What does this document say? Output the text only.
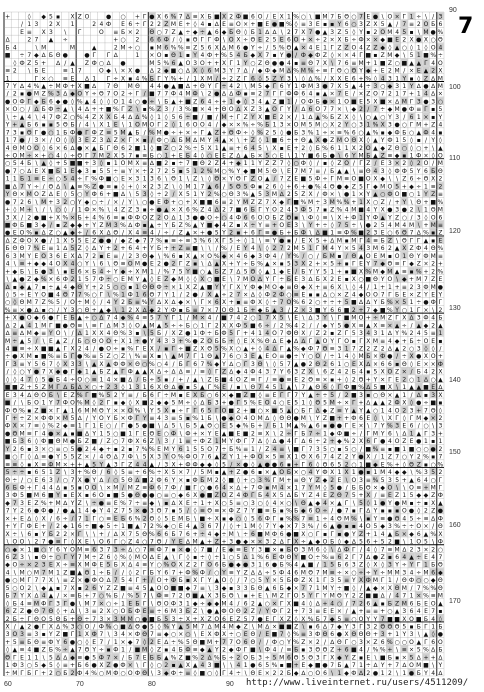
+	◊ ◆ 5 ▪ X Z О	● ○ + Г ● X 6 % 7 ∆ ≡ X Б ■ X 2 Ф ■ 6 О / Е X 1 % ○ \ ■ M 7 Б Θ ○ 7 Е ● \ О × Г 1 ÷ \ / 3
/ 1 3 2 X 1	2 4 Ф Е 6 ÷ Г 2 2 Z M Е + ◊ 4 ▪ ∆ Е ≡ О × + ■ Е ● ■ % ◊ ≡ 3 Е ▪ ▪ Y 6 ○ 3 Z X 5 ▲ / 7 ≡ 2 О Б 6
Е ≡ X 3 \ Г	О ≡ Б × 2 Θ ○ 7 Z ▲ ÷ ◆ ÷ ▲ 6 ◆ Б Θ ◊ Б 1 ∆ ∆ \ 2 7 X 7 ● ▲ 3 Z 5 ◊ Y ▪ 2 О M 4 5 ▪ \ M ● %
∆	2 7 ▲ ÷	+ ○ 2 6 6 Ф / ◊ ▪ Θ Г Г Ф \ О X ÷ Θ Е 2 5 Е 6 О + × ÷ 2 × X Б ÷ Ф × × ◆ ■ Е 2 X ● X ○ Θ
Б 4	\ M	M	▲	2 M ÷ ○ ▪ M 6 % % ≡ Z 5 6 X ∆ M 6 ● Y ÷ / 5 % Θ ▲ × 4 Е 1 Г Z Z О 4 Z Z ◆ ◊ ▲ ○ ◊ 1 ◊ О 4
■ ÷ 7 ◆ ∆ Б Θ ●	● Г Г ∆	1 × О ▪ Θ 1 ▪ Y 4 Ф + % 5 4 Б ◆ X 7 ▪ Y ● / Ф ◆ Ф Z ◊ × × 4 Г ■ ▪ Z M ◆ \ 5 1 ■ % ÷
◊ Ф Z 5 + ∆ / ▲ Z Ф ○ ∆ ●	M 5 % 6 ▲ О 3 О + + X Г 1 Y ○ Z Θ ● ● 4 ▪ ≡ Θ 7 X \ 7 6 ≡ M + 1 ■ Z ○ ■ ▲ ▲ Г 4 О
≡ 2 \ Б Е	≡ 1 7	О ◆ \ × X ● ∆ 2 ◆ ■ ○ ∆ X ◊ 6 M 3 Y 7 ∆ / ◆ Ф ◆ M ∆ % M % ÷ ≡ Г Θ ○ Θ Y ◆ + Е 2 M / × Е ▲ 2 X
1	Г × ○ ≡ Е ∆ 1 Г ÷ X ▪ 4 % Б Г Y % + / 1 X M / ÷ 2 Z Г 6 ◊ 5 Z Y 3 \ ◊ ∆ % / X X Е 6 + % ◊ 4 3 1 Y ▪ ◊ Z ∆ M
7 Y ∆ 4 % ▲ ÷ M Ф + X ■ ∆ 7 Θ M Θ 4 4 ● ▲ ■ ∆ + Θ Y Г ÷ 4 2 \ M 5 ◆ Г 6 Y 1 Ф M 3 ● 7 X 5 ▲ 4 ÷ 3 ○ ◆ 3 1 Y ∆ ● ∆ M
/ 2 ▪ ● M Z % 3 ∆ ◆ О Y ÷ Θ 7 О 2 ÷ Г / ■ 7 7 Ф 4 M Ф \ 2 ● ∆ ∆ Ф ▪ ≡ 2 7 Г Г Ф Ф 6 4 ▪ ▲ × 7 Е / × Z О 7 2 1 7 + 1 4 ∆ ×
● О Ф Г ◆ Б 6 ◆ ● ◊ % ▲ 4 ◊ ◊ О 1 4 ○ ● ÷ \ Б ▲ + ■ Z 6 4 ÷ + 1 ◆ ◊ 3 4 ▲ Z ■ 1 / О Ф Б ● × 1 О ■ Е 5 X ■ × ∆ M Г 3 ● 3 ○
× О ○ / ∆ Б Ф ÷ ▲ \ 4 ∆ + + ■ % Г Z \ ▪ % Z 3 / 3 % ■ × 4 + Θ О ∆ X Z 3 ▲ О Г Y / ∆ 6 О 7 7 × \ ◆ 2 / 7 ÷ ◆ M ● Ф ≡ Г ▪ 5
\ ÷ ▲ 4 \ 4 7 Ф Z ○ % 4 Z X X Б 4 ∆ ∆ % ◊ 1 ◊ 5 6 ÷ ■ / ■ / M ÷ Г Z Y X ■ Е 2 × / 1 ∆ ▲ % Б Z X ◊ \ ○ ▲ ○ Y 3 / 6 1 × ▪ Y
Y + ▲ Б 6 ▪ ▪ 5 Θ Б / 4 \ X 1 Е \ 1 О M О Г 2 ◊ 1 6 О О 4 / ◆ × × % ÷ % Б 1 3 × О M 5 M ○ X 2 Y ○ 3 1 % X 3 ● ○ Г M + Z 4
7 3 ▪ Θ Г ● ○ 1 Б Ф ● Г Ф Z ≡ 5 M ▲ Б / % M ● ÷ + × ÷ Г ▲ Z + Θ Ф ÷ ◊ % 2 5 ◊ ● Б 3 % 1 ÷ × ≡ % 6 ○ ▲ % ▪ ◆ Ф Б ○ ▲ Ф 4 ▪
1 7 ● / 3 × / О ◊ ◊ 3 Е Z 3 ∆ Z × Г × ▪ / Ф ○ ∆ Б M ∆ M Y 4 ▲ × \ + Z ◊ 1 ■ 6 ÷ + Θ ▲ X ● Z M О Θ X ◊ ▲ Y Ф 1 5 ◊ ▪ / Y ◊
4 Θ M О О ◊ 6 × 6 ∆ ● × ▲ Б Г Θ 6 2 ■ 1 ◊ ■ Z ○ 2 % ÷ 5 X 1 ▲ ≡ + 6 4 5 \ X ▪ Е + 2 ◊ Б % 6 1 1 X 2 О ▲ ◆ Z Θ ○ ◊ ○ + \ ▲
÷ О M ÷ × + ○ 4 ◊ ÷ Θ Г 7 M 2 X 5 7 ▪ ≡ Б ○ 1 + Е Б 4 ◊ ○ Е Е Z ∆ ▲ Б × 5 ○ Е \ 1 Y ■ 6 Б ● \ 6 Y M Б ▲ Z ≡ ◆ ▪ 1 Ф × ◊ О
○ 5 4 Б \ ▲ ◊ + 5 ■ ■ + 3 ◊ ▪ 1 О M X ≡ ∆ ■ 2 ▪ ÷ 7 ■ Θ 2 Z 4 + ◆ 1 1 Y Z Z 7 ◊ ○ Ф ◊ / ▪ ◊ Z О / Г Z / Е 3 × 2 ◊ 2 О / M
● 7 ○ ∆ Е X ■ Б 1 Е ◆ 3 ▪ 5 5 ÷ ≡ Y × ÷ 2 7 2 5 ▪ 5 1 2 % M ○ % Y ◆ ■ M 5 Θ \ Е 7 M 7 ≡ / Б ▲ ▲ \ ≡ Θ 4 3 ◊ Ф Ф 5 Y 6 Б Θ
1 1 Б 1 ≡ Е ÷ ○ 5 4 ÷ Г % Ф ■ ○ Е × 3 1 3 6 \ Θ 1 \ Z \ ◊ Θ × Y Θ Г Z О ▲ / 7 Z Е ■ 5 Ф ÷ Г M ≡ О ■ О X ◆ \ \ Z 6 ÷ Θ X 2
■ ∆ 7 Y ÷ / Θ ∆ \ ▲ ≡ % Z ● ≡ ▪ ◊ + ◊ × 2 3 Z \ ◊ M 1 7 ▲ 6 / 5 Θ 5 Ф ▪ 2 6 ◊ + 6 + ● % 4 Θ ● ◆ Z 5 Г ◆ M О 5 + ◆ ÷ 1 ≡ 2
Y Θ × M О Z ∆ Е ◊ 5 ○ Y Ф 6 + ■ ∆ \ 5 3 ◊ ÷ 2 / X 5 1 Y 2 % ○ Θ 3 % ▲ 5 3 M ∆ 2 5 Z X / Ф × \ ● 1 × Y ▲ ○ Ф О ■ ○ 1 Y Z ≡
● 7 2 6 \ M + 3 2 ○ Y ◆ ○ ÷ / × / Y \ ○ ● Е Ф + ○ + X ■ ■ 6 ≡ 2 Y M Z Z 7 X ◆ Г ■ % M ÷ 3 M % % + 1 X ○ Z / + Y \ Θ + ■ %
+ ◊ M + \ / \ ○ ◊ / 1 Ф × % \ 4 Z Z 3 ▪ ÷ ● ▲ × X 6 % Z 4 ∆ 2 7 ■ 6 Б Г Y О 2 4 3 Ф 5 7 ▪ Z % 4 M ■ 4 Y X ● 3 ● 2 \ 1 Θ M
3 X / 2 ● ■ + X % × Б + 4 % 6 ≡ ▪ Ф Ф О Z 2 О ∆ 1 3 ● ● О ÷ ○ 4 Ф 6 6 О О Б Z Θ ▪ \ Ф ◊ ≡ \ X + Ф 1 Y Ф ▲ Y Z ○ / 3 ◊ О 6
■ Ф Б ■ 3 ◆ / ▪ Z ◆ ◆ + Y Z M 3 % ∆ Ф ▪ ▲ ÷ Y Б Z % ▲ Y ■ ◆ 4 Z ▪ X ÷ Y ≡ + О Е 3 \ Y + ÷ ◊ 7 5 ÷ \ ● 2 5 4 M 4 M \ + M ≡
● Е О % ▪ ∆ Z ○ ▲ ◆ ÷ / 6 X ∆ Θ / X 4 ≡ 4 / ÷ / Z ▲ × + ● 5 Y 2 ▪ + 6 Г ≡ ● Б + Б Ф \ ∆ ■ 1 ≡ Ф % ■ 2 3 Е ○ 6 Θ 7 ∆ % ▪ Z
∆ Z Ф О X ● / 1 X 5 5 Е Z ● ● / ◆ Z ◆ 7 7 % ▪ ≡ ÷ ≡ 3 % 6 X Г 5 ÷ ◊ 1 \ ≡ Y ● ▪ / Е X 5 + ∆ M ▪ M Г 4 ≡ Б Z \ Θ Г Г ▲ ▪ Е
Б Θ Θ 7 % Е ≡ 1 ∆ 5 Z ◊ ∆ Y + 2 + 6 4 + Y Б + + Z ≡ ■ \ \ / % / Е Y 4 \ ◊ 2 7 2 M 5 1 Г M 4 Y × 5 4 3 M 6 2 ▲ X Z Ф 4 Θ %
6 3 M Y Е О 3 6 Е X ∆ 7 2 ▪ Е ≡ / 2 3 Θ ◆ \ % 6 ▪ X ▲ × О % ◆ × 4 6 ◆ 3 Ф 4 / Y % / ○ / Б M ▪ / Θ ▲ О Е M ▪ О 1 Θ Y Ф M ≡
4 \ ≡ + ◆ ◆ 4 О X 4 ○ Y \ 6 \ Θ ≡ О M ● Е 2 ● 2 Г Z ▪ \ ∆ ▲ X + Y ÷ Б % ▲ × ▪ 5 3 X 2 + × 5 + ▪ Г Е Y 7 ◆ Θ ≡ Г ◆ Z × 2 +
+ ◆ Б \ Б ● 3 \ ▪ Е 6 × Б 4 ÷ Y ◆ ÷ X M 1 / % 7 5 Y ■ ○ ▲ Б Z 7 ∆ 5 Θ ◊ ▲ 1 ◆ Е / Б Y Y 5 1 + ▪ ■ X % M ◆ M ▲ ≡ ▪ % + 2 %
\ ▲ ● Z ◆ % × 6 Ф 2 1 5 7 Ф ÷ ○ Е M Y ▲ ◊ Е Z ◆ M ◊ ◊ X ○ ■ Е \ 7 M О ∆ Y Г ÷ Б Е 3 ∆ Б X 2 Е ▪ X ○ ■ Θ Y О \ ◆ + M 7 Z Е
∆ ▪ ◆ ▲ 7 ▪ ÷ ▲ 4 ◆ Θ Y + 2 5 ○ ○ ▪ 1 Θ Θ Ф ÷ × 1 X Z ▲ ■ Y Y Г X Y Ф ◆ M О ◆ ≡ Θ ◆ X + ≡ 6 X \ ◊ 4 / 1 + 1 + ≡ 2 3 Ф M ●
◊ 5 ÷ Е Y О ■ 4 Θ 7 7 % ○ Г \ % 1 Ф 1 6 Θ 7 Y 1 / 2 ● / X ▲ ÷ 2 7 × ∆ ◊ Ф 2 Ф ○ ≡ Е ▪ ▪ ∆ ○ × Z 4 ◆ О О 7 Г Б Е × Z Y Е Y
○ ◊ Θ M 7 Z % 5 / О ÷ M ◊ / 4 Y 2 Б ≡ % Y ∆ X ∆ ◆ × \ Г × 6 X + ▪ ≡ Ф X ◊ ÷ 7 О % 6 2 ○ + ÷ + 5 ■ ∆ ∆ Y Б % × 5 1 ÷ ● Ф Г
% ≡ × ● ∆ ▪ ○ / Y 3 ○ Θ + ▲ ◆ \ 1 2 X ∆ ◆ 2 Y Ф ▪ Б ≡ 7 × 7 О Θ 1 Б + ◆ Б ▲ 3 / Z × 3 ■ Y 6 6 ■ 2 + 7 ◆ ■ % Y ○ 1 Г × \ 2
+ X ● О ◆ 6 ● Г Е Б ▲ ÷ ○ ∆ 7 4 ◆ % 4 ≡ 5 7 Y Г 1 / M × 4 / ■ 7 4 2 ○ 1 7 X 5 \ Е \ ∆ 3 Y \ Г ■ M О + ÷ M Z Г X ∆ 3 Ф 4 Б
∆ 2 ▲ 4 1 M Г ■ ● Θ ≡ \ ≡ Г ∆ M 3 ◊ О ▲ M ▲ 5 ÷ ÷ Б ○ 1 Г 2 X X Ф 5 ■ 6 ÷ / 2 % 4 2 / / ◆ Y 5 ● X ≡ ▲ X ≡ × ▲ ÷ / ▲ ◆ 2 ▲
∆ ≡ ∆ M ◆ ≡ Y О \ / ∆ 1 X X 4 Θ % 3 ▪ \ 5 Б / X Z ● 1 Ф ÷ Б Ф 5 Г + 4 1 4 О 7 Ф Θ X / Z 2 ▪ Z Г 5 3 4 3 1 ∆ Y % 2 4 5 ≡ 1
M ÷ ▲ 5 / \ Е ▲ Z / Б ○ Θ О О + X 1 + ● Y 4 3 3 + % ● Z О Б Б + ◊ Е X % Θ ∆ Е ◆ ∆ ∆ Г ▲ О Y Г О ▪ Г X M ≡ 4 ◆ + Б ÷ О Е ▪
4 ■ ≡ ÷ X ■ ■ ▲ Г X 2 4 / ● О ÷ ▪ % Г Е X / ▪ Г ÷ ■ Z X Θ 5 % X ○ ▲ + ◊ 4 ∆ Г ▲ % ◆ Ф 7 Θ ≡ 3 1 7 Z 2 Z 2 ∆ ▲ 2 ○ 3 ◊ ◊ /
÷ ● X M ▪ ■ % ≡ Б Г ● % ≡ 5 Z ○ Z \ % ≡ X ▪ \ ▲ M 7 Г 1 Θ ▲ 7 6 ○ 3 Е ▲ Е О ≡ ● ÷ Y ○ О / ÷ 1 4 ◊ M Б × Ф ● / ÷ X ● X О +
Г 3 ≡ Y 5 6 7 ◊ X 3 3 \ ▲ X ▲ Ф Ф × Θ ○ % ○ 4 / Б Г 6 7 % ◆ Y ∆ ○ Г 3 Θ \ ◊ 5 7 ▲ ● 2 Θ 2 6 1 ○ Е X ∆ × 6 6 ▪ Θ ◊ Е × × Ф
/ ◊ ○ Y ● 7 X ◆ ● Г ◆ 1 ▲ Б Z ▲ Г Ф ▲ ▲ X ∆ ÷ ∆ ∆ ≡ / ≡ ◊ Г Z ∆ ◆ 4 Ф 4 3 7 Y 6 3 Z X \ 6 Z 4 2 Б 4 ▪ 5 X О Z × / Б 4 2 X
◊ ◊ 4 7 ◊ 5 ● Б 4 ÷ О ○ ≡ 1 4 × ■ ∆ / Б ÷ 5 ▪ / + / ▲ \ Z Б ■ 4 О Z ≡ Г / ≡ ● ≡ Е 2 Θ ≡ × ▪ + ◊ 2 Θ + Y × Г Е 2 ○ 1 ∆ ○ ▲
■ ■ Z + 5 Z M Г ∆ Б ∆ × ○ + 2 3 ◊ 1 3 1 6 X Θ ∆ ● ▪ 5 ▲ Г % Е / ▪ \ Θ 7 4 5 1 ▲ \ 7 ▲ Θ 6 ◊ Г Ф ■ % ∆ 5 ■ X \ 1 ▲ ▲ ■ Е ∆
Е 3 4 ∆ Θ О Б \ Е Z % Г ■ % 5 2 Y ≡ / Б 6 Г ÷ M ▪ Е X Б ○ 6 × ◆ ■ Z ■ ◊ ≡ Е Г Г 7 Y ▲ ÷ ÷ 5 / 2 ■ 3 ▪ ○ Θ × ▲ 1 / ∆ ▪ 3 X
■ / \ Б О 1 Y 7 Ф О % M ◊ 2 Г ▪ ◆ ◊ X ■ 2 ◆ ◆ 5 M ÷ ◊ ∆ Б 3 + ● Г 5 % Е О 4 ○ Е 5 1 ◊ Θ 5 M ÷ × Г + ∆ ▲ ▲ 2 Ф X ◊ ● ÷ ■ ▪
Ф Θ % ▪ Z ■ × Г ▲ 1 6 M M Θ Y × × О % \ Y 5 X ▪ ÷ Г Г 6 5 Г О ■ 2 + ■ ○ × ■ 5 ▲ ○ Б Г ∆ ◆ Z ≡ Y ▲ Y ▲ ○ 1 4 О 2 3 + 7 Θ ◊
Г + ÷ Z × Ф Ф × M 5 ∆ / Y О Y Б × Ф Г Y ≡ 4 3 ≡ 5 ▪ % 1 Б \ ● ◆ О 4 О M ∆ ◊ Θ Θ ● M \ Y Z ■ + + Ф 6 Е ◊ \ X Г ◊ Г M ◆ × 2
Ф X × 7 ≡ ◊ % 2 ◆ ≡ 1 Г 1 Е ○ / Г ● 5 ● ■ \ ∆ 5 \ Б 5 ▲ Θ ○ Е 5 ◆ % Б + / Б 1 M ▲ % ▲ 6 ▪ ● ● Г Е × \ 7 Y % 3 Е 6 / ○ \ 3
● Θ M ≡ Г 4 ● × ▲ ▪ ■ ∆ Y 1 5 ○ ■ 1 Г Е Θ Е ○ Ф \ Ф + × Y Е ▲ ■ Е ■ 2 ≡ X \ 2 ÷ Г Б 7 ÷ 1 ◆ Ф ■ ÷ / Г M Y 6 \ ∆ 1 ▲ Г 3 +
■ Б 3 6 ◊ Ф ■ Θ M ● Б Z ■ / Z ○ 7 Ф X 6 Z \ 3 / 1 ≡ ÷ Ф Z 1 M Y Ф Г 7 ∆ ◊ ∆ ● 4 Г ∆ 6 ÷ 2 + ◆ % 2 X 6 Г ● 4 О Z Е ● 1 ▪ 1
Y 2 6 ▪ 3 × ○ ≡ ○ 5 ● 2 4 ◆ + ▪ 2 ▪ 7 % % Е M Y 6 1 5 5 О 7 ÷ Б % ≡ 1 / Z 4 ≡ \ ■ Г 7 3 5 ○ ▪ 5 ○ / ■ % ≡ ▪ ■ 1 ■ ○ ○ ● 2
■ ○ Г ◊ ∆ ≡ ● Y 5 5 Z × / 4 Θ ∆ 7 Ф \ 5 X 3 Y О % Ф О 7 6 ▲ Z Y 1 + Ф О × 5 ≡ X 1 Θ X 6 7 4 Z 2 Y ● X / 1 Z 7 ○ Y 2 % ▪ 7
≡ ≡ ◊ ▪ X ≡ Ф M × + + ▲ 5 Y ▲ 3 Г Z 4 4 ▲ / 3 X + Ф Ф ◆ ◆ ◊ 5 / × ● ◊ ▲ ● ● 6 ▪ + Г 6 ◊ Θ 6 5 2 ○ 1 ■ ◆ Е % + ◊ Θ Z ▪ ○ %
5 ÷ ÷ ▪ 6 5 1 Z \ 3 + % Θ / 6 ◊ 5 ≡ ÷ 6 % ÷ X 5 × 7 / 5 M ▪ ▲ + Z ● 6 ▪ × ▲ О Б × ○ 4 Y Ф X 1 X 1 ● ▪ 1 M 4 ◆ ◆ \ % 3 5 2
Θ ÷ / ○ Е 6 3 / ○ 7 X ● Y ∆ / ○ 5 Θ ∆ ■ 2 Ф 6 Y × ▪ Ф Б M 2 ◊ ■ ◊ + ○ 3 % Г M + ≡ Θ Y Z ◆ 2 Е \ О 3 ≡ % 5 3 5 + ▲ 6 4 ○ Г
6 Б Ф + Г 4 4 ∆ ▪ 5 ▪ О О \ × M / M Z ≡ Ф 6 7 Ф / ■ Г ○ ● 6 4 × ∆ + 7 Ф ▪ M 4 × 1 7 Y M ◊ 5 ● / Б Б Θ × ◆ О \ \ О ≡ + M Г
3 Ф 5 ■ M 6 ■ Y ▪ Е X ▪ 6 О ▪ ■ 5 ● Θ ● ● ○ ≡ ○ ◆ 6 X ● ■ Z О Z 4 Ф Г Б 4 X 5 ∆ Б Y Z 4 Е Z Θ 7 5 + X / ≡ Е Z 1 5 ◆ ◆ Z Ф
◆ 7 3 Е Z % + M ∆ Y Z \ ÷ ● ≡ Е % 7 ÷ ≡ ◆ \ ▪ ∆ X Е ÷ 1 + X ○ 5 ≡ ○ 3 ○ ◊ 4 × ○ \ Θ ▲ ◆ 4 × ▲ Г \ 5 ◊ 1 ● Y ● M ▪ ÷ ▪ X ▲
7 Y 2 6 ● Ф ● / ● ▲ 1 4 ◆ Y 4 Z 7 5 × ● 3 Θ 7 ▪ 5 / ◊ ≡ Θ ≡ × Ф Z 7 Y ■ ≡ Б ▪ % Б ◆ 6 О ÷ / ● 7 ▪ Г ∆ Y ▪ ▪ ▪ О ● ◊ 2 Z ●
× + Е ∆ ◊ X / 6 ÷ / 7 1 Г ○ ≡ Е Б 6 % 2 Θ ◊ 5 Е M Б \ ■ ÷ X ▪ ◆ ○ ◊ 5 6 Ф Г ▪ % % 7 ≡ 1 ÷ 4 Θ M % \ ▪ Y ≡ ● Θ 4 5 ÷ ≡ ∆ Ф
+ Y Г Ф Е + / 2 ◆ 1 6 ÷ ■ ◆ 5 ÷ 1 ■ ▲ 7 2 % ◆ ○ Е 4 ▲ 3 6 7 / ◊ + 1 M ◊ 7 Y ◆ × 7 3 % / 6 ▲ ● ▪ ▪ 4 О 5 ◆ 3 % ÷ ÷ О × / Θ
X ÷ \ 6 ▪ Y Б 2 2 × Г \ \ + / ∆ X 7 5 Θ % 6 6 Б 7 6 + ÷ 4 ◆ ÷ M \ ÷ 6 ■ M Ф 6 ● ■ X ○ Г ▪ Г ▪ ● Y Z + 1 4 ▲ Б × ◆ 6 ▲ % X
\ О О \ 2 7 ● ≡ Г ◊ X Е \ О 6 Г ○ Z 4 ○ 7 Θ / Y Е ∆ M ▲ + Z + 3 ● ◆ × × 3 2 ∆ Г X ÷ ▲ ◆ О Б ◊ ◆ ∆ 5 6 + 5 2 ■ \ 1 О 5 \ Ф
○ ◆ × 1 ■ ○ Y 6 Y О M ≡ 6 3 7 3 ÷ ∆ ○ 7 ≡ Ф 7 ▪ × ● ◊ 7 ■ / Е ◆ ≡ Е Y 3 ■ × ▪ Б Θ 3 M 6 ◊ \ ∆ Ф Г / 4 ◊ 7 ≡ M ∆ 2 3 × 2 ○
6 Z 3 \ ▪ Θ ÷ ○ Г Y 7 M ÷ Z 6 ◊ % ◊ M О ∆ Е ▲ \ Г ◊ ▪ ÷ ◊ ÷ 1 ○ 5 ∆ 1 % 6 Е Ф Θ Y ■ О ÷ % ≡ 6 2 Г 7 ∆ ● Z ▪ 6 4 ▲ ÷ Е 4 7
◆ О ÷ × 2 3 Е X ÷ ≡ X M Ф Е 5 Б X ∆ 4 ≡ Y ○ % О X Z 2 Г О 6 Б ● ◆ ● 3 1 6 ● Б % 4 ▲ ■ / 1 5 Б 6 3 Z ◊ X ◊ 3 Y ÷ Y Г 1 Б Θ
4 \ M ○ M 7 M 1 Z ■ ▲ Θ 1 ÷ Б / / ◊ 2 Г Б Y 6 7 + Ф % Ф / ○ Y ≡ Y Z ∆ ∆ ÷ 5 Ф 4 6 M Θ 7 M ≡ ÷ × ○ ÷ ÷ Y ÷ M M 3 4 ÷ M 6 ◆
● ○ M Г 7 7 X \ ≡ Z × ● Ф О ∆ 7 5 4 Г + / О + Ф Б ▪ X Г Y ▲ О ◊ / 7 ○ 5 Y × 5 Б Ф Z X 1 Г 3 5 ≡ Y X Ф M Г 1 / Θ Ф ○ ○ ◆ Θ
5 ○ О 2 \ ◆ ▲ ▪ 7 X ▪ 2 6 Y Z Z ■ ≡ 4 5 ▲ О О ■ ■ ◆ 7 ≡ \ 3 ◆ ▪ 3 3 Б Θ ▲ 6 Б ◆ × 7 7 1 M Y ÷ ■ ◊ / ▲ ◆ × X Θ M / 7 % % Θ
Б 7 Y X ∆ 4 ▲ / × ≡ Б + 7 ○ % Б / % 5 7 \ Ф ≡ 7 2 Θ ■ ▲ X 3 Б Θ \ ▪ + Е \ M Z Г О 5 Y Г Y M Θ Y 2 Z ■ ■ ∆ / 4 7 1 × % ≡ M
◊ Б 4 ≡ M Ф Г 3 Г ● \ M 7 × ○ ÷ 1 Е Б Г \ Θ О Ф 3 1 ◆ ÷ ◆ ◆ M 4 / 6 2 ▲ ○ × Г X ■ 4 ◊ ∆ + 4 ○ / 7 2 6 ▲ ▪ Б Z M 6 Б Е О ▲
6 Z Z ● Θ 7 Θ ◊ + ∆ \ 3 ≡ 2 X ○ О Б Ф Е ≡ ÷ 6 M 3 Б Z \ ● ▲ Ф О Θ 2 Z / Y Ф Г 2 + 7 3 ≡ Е Е × / ▲ + ≡ ≡ + ○ ▲ 3 6 4 Е 7 ▪
2 Б ÷ Г Θ О 5 Θ Б + Θ ÷ 7 3 × 3 M M ○ ● ■ Б 5 3 ÷ X + X Z О 6 Е Z 5 7 ● Е Г X Z ◊ X % Б 7 ◆ 5 ≡ ○ О Y Y 7 ■ ■ X О ■ Б 4 ◊
X / ▲ 2 ● Г X ∆ % 3 ○ О / Ф % ○ ■ ∆ Θ ● 5 ◊ % Y ▲ 5 M 7 ∆ M 4 M ◆ Z \ M ∆ × ■ ■ Z \ ▪ 6 ∆ 7 ◆ Y 3 Г 3 2 Θ Θ Θ 5 ▪ Б Г 1 Б
3 О 3 ≡ 3 ▪ Y Z ■ Г 1 X Ф 7 \ 3 4 × Ф Θ 7 ≡ ◆ ○ × ○ \ Е X Ф X ÷ ○ Е Θ / Е ■ 7 ◊ % ≡ 3 Ф Θ 6 ● X Θ Θ Θ + 3 + 1 Y 3 \ ▲ ◊ ●
+ 5 ≡ Б Θ ≡ Ф Y 6 ● ○ ◊ Е 7 / 1 × ◆ 7 ◊ 2 Е ∆ ÷ % 5 Θ ■ M + 7 7 О 6 Θ / / Ф ○ Y % Z × 2 / ∆ Θ Г ○ 3 × Z 6 % ○ ○ О ▲ Г 6 О
◊ ▲ ≡ 4 ■ Z Б % ÷ ▲ 7 Θ Y ÷ ▪ Ф 1 / ■ M ◊ Z ▪ 4 Б Ф ≡ ◆ ▲ Y 2 ◆ Ф Г ■ \ Ф 4 / ≡ Б ▪ 3 Θ Θ Z + 6 ■ 4 / % % + \ ≡ × 5 % ∆ Б
Θ Г Е 1 1 \ 5 ∆ ∆ ◆ ≡ ● 5 Ф 7 × / Б 7 Е Б Б ▲ % Z ■ % 2 ∆ % Б ÷ 2 О Б 3 ÷ 5 M 6 Θ 5 Θ 3 Г X ◆ Y Z ▪ Е \ ■ Б ▪ × 5 ∆ + + ∆
1 Ф 3 ○ 5 ◆ 5 ◊ ≡ + Б 6 ● X Z ● Ф × \ Г ◊ ○ 2 ▪ ▲ X ▲ 4 3 ■ \ \ 4 1 ● 6 5 % ▪ ■ + Е ◆ ■ ● 7 Б ▲ 7 1 ÷ ∆ Y + 7 ∆ О M ■ \ Y
÷ M Г Б Г + 2 ○ Б 2 Ф 4 % ○ M Ф ○ О Ф Θ \ 3 ◆ Ф ÷ ≡ ◊ ■ ○ ◊ Г 4 ÷ \ Θ Е × 2 2 Б ◆ ∆ ○ О 6 \ 1 ◆ Ф ∆ 2 ● 1 2 \ 1 ● Б Y 4 ∆
90
100
110
120
130
140
150
160
170
60	70	80	90
7
http://www.liveinternet.ru/users/4511209/
